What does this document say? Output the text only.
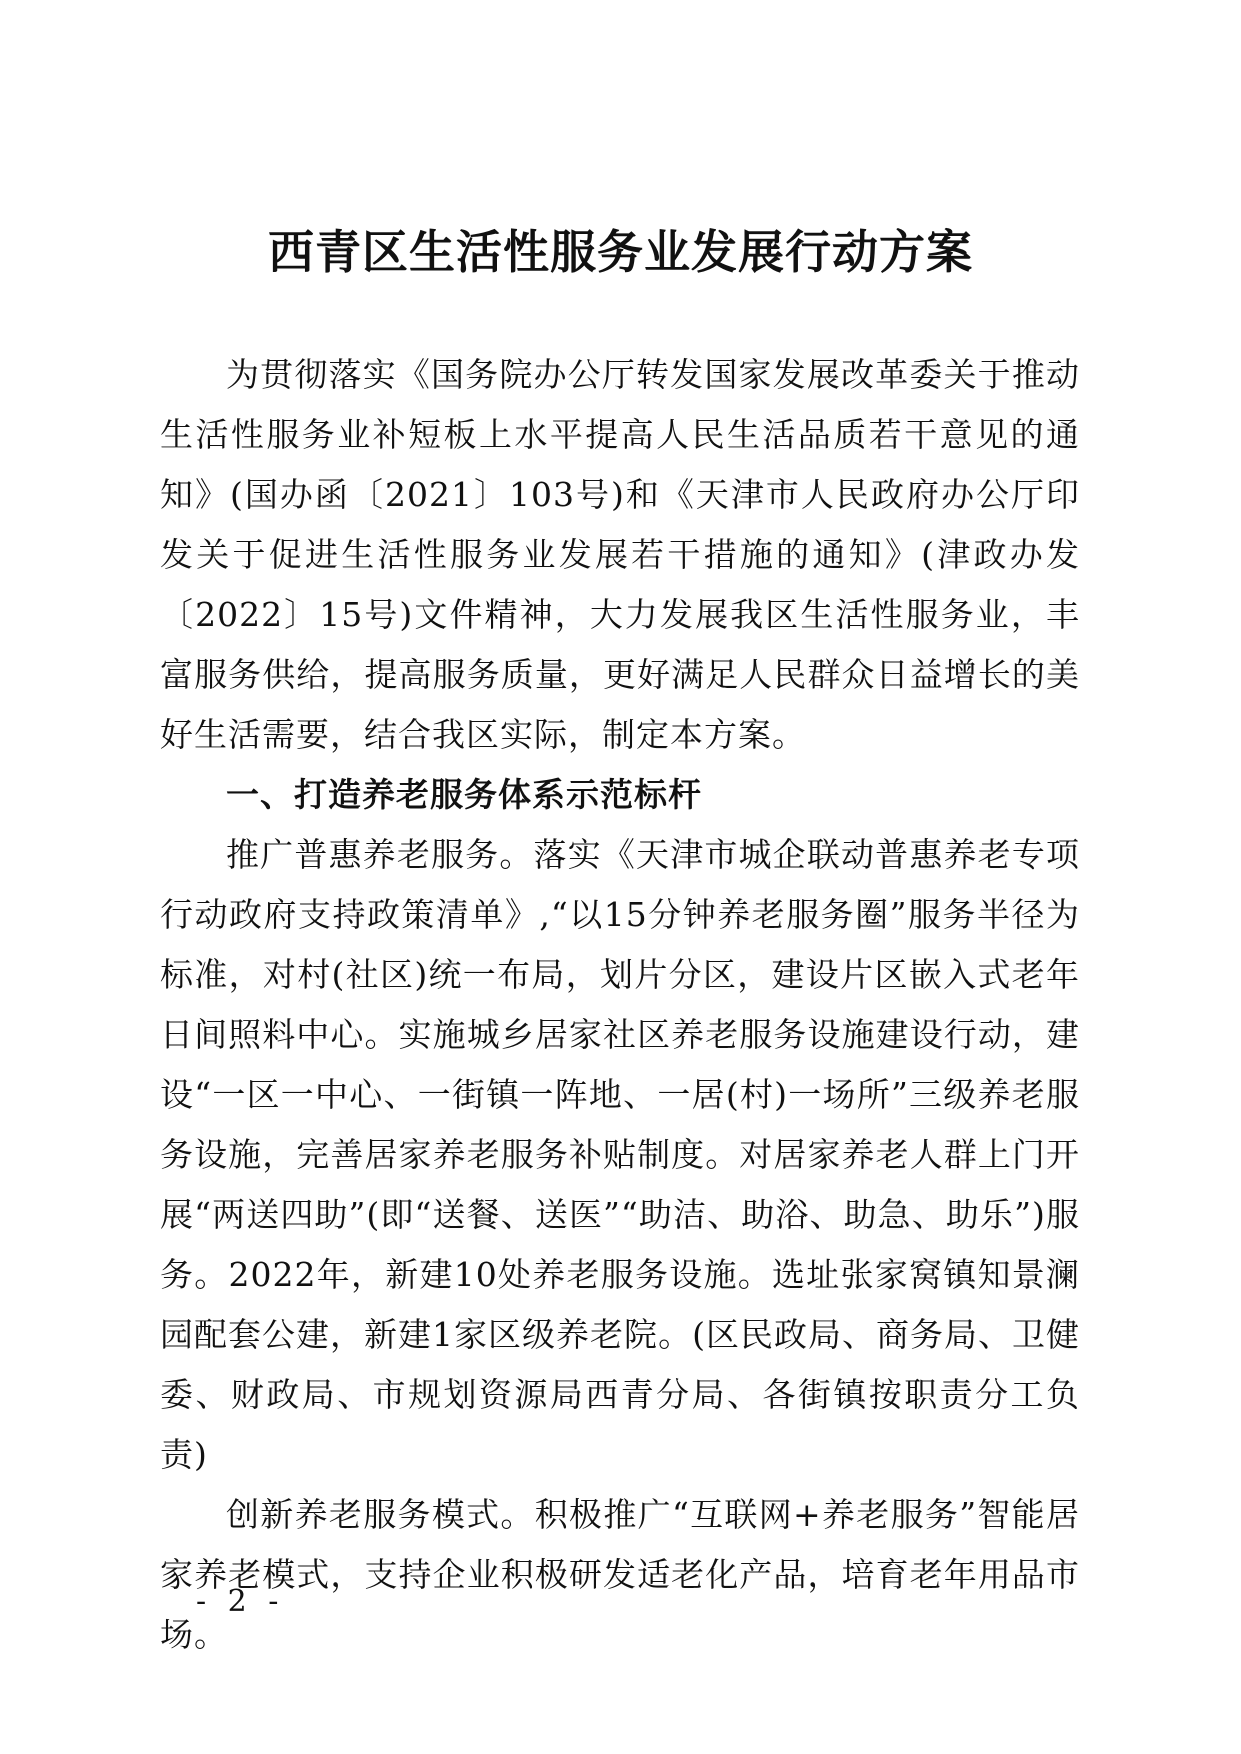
西青区生活性服务业发展行动方案

为贯彻落实《国务院办公厅转发国家发展改革委关于推动生活性服务业补短板上水平提高人民生活品质若干意见的通知》(国办函〔2021〕103号)和《天津市人民政府办公厅印发关于促进生活性服务业发展若干措施的通知》(津政办发〔2022〕15号)文件精神，大力发展我区生活性服务业，丰富服务供给，提高服务质量，更好满足人民群众日益增长的美好生活需要，结合我区实际，制定本方案。

一、打造养老服务体系示范标杆

推广普惠养老服务。落实《天津市城企联动普惠养老专项行动政府支持政策清单》,“以15分钟养老服务圈”服务半径为标准，对村(社区)统一布局，划片分区，建设片区嵌入式老年日间照料中心。实施城乡居家社区养老服务设施建设行动，建设“一区一中心、一街镇一阵地、一居(村)一场所”三级养老服务设施，完善居家养老服务补贴制度。对居家养老人群上门开展“两送四助”(即“送餐、送医”“助洁、助浴、助急、助乐”)服务。2022年，新建10处养老服务设施。选址张家窝镇知景澜园配套公建，新建1家区级养老院。(区民政局、商务局、卫健委、财政局、市规划资源局西青分局、各街镇按职责分工负责)

创新养老服务模式。积极推广“互联网+养老服务”智能居家养老模式，支持企业积极研发适老化产品，培育老年用品市场。

- 2 -
